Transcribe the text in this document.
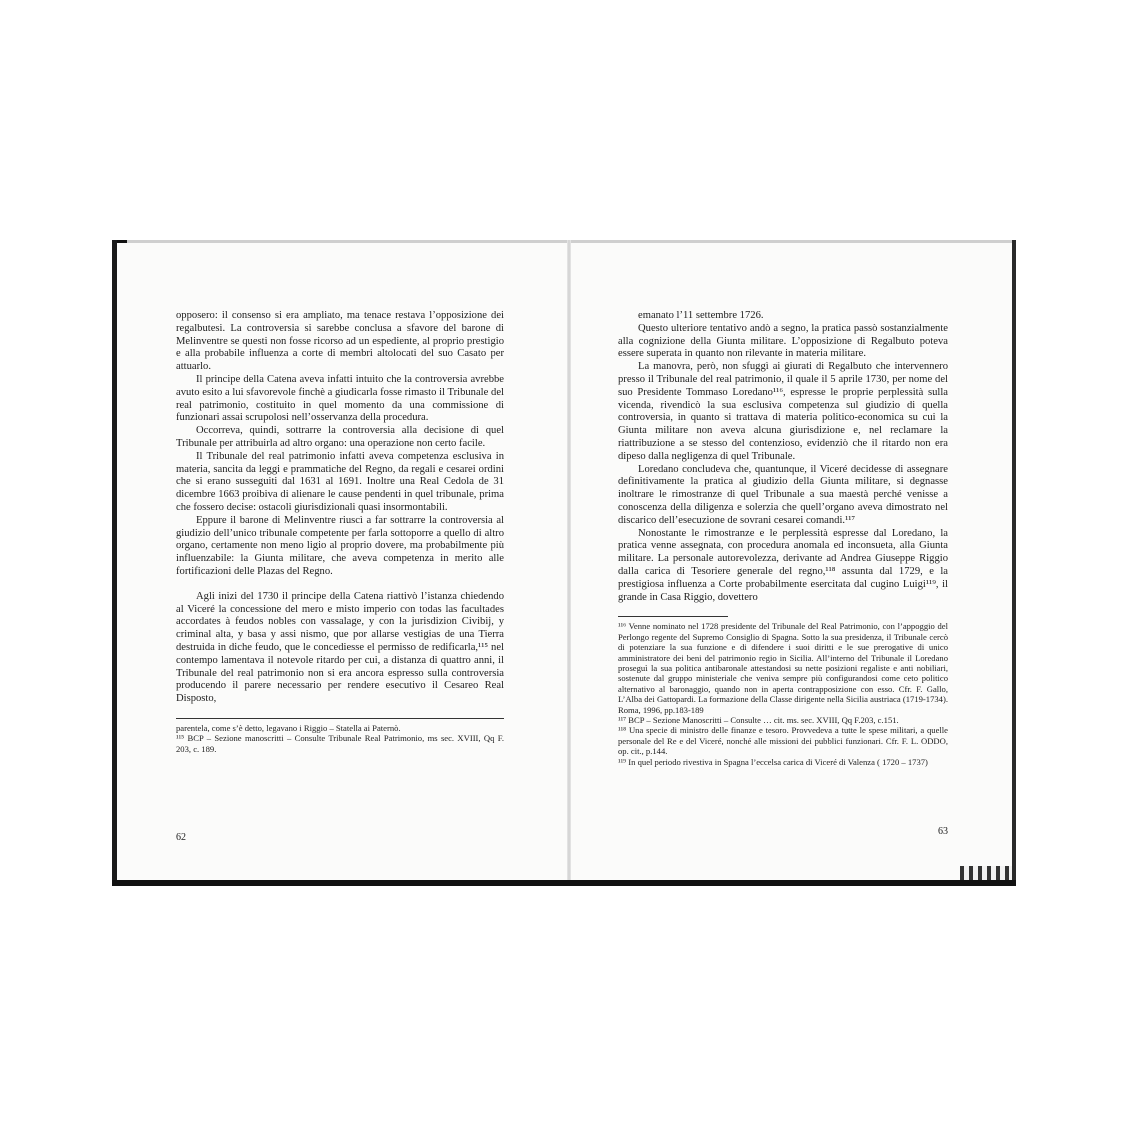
opposero: il consenso si era ampliato, ma tenace restava l’opposizione dei regalbutesi. La controversia si sarebbe conclusa a sfavore del barone di Melinventre se questi non fosse ricorso ad un espediente, al proprio prestigio e alla probabile influenza a corte di membri altolocati del suo Casato per attuarlo.

Il principe della Catena aveva infatti intuito che la controversia avrebbe avuto esito a lui sfavorevole finchè a giudicarla fosse rimasto il Tribunale del real patrimonio, costituito in quel momento da una commissione di funzionari assai scrupolosi nell’osservanza della procedura.

Occorreva, quindi, sottrarre la controversia alla decisione di quel Tribunale per attribuirla ad altro organo: una operazione non certo facile.

Il Tribunale del real patrimonio infatti aveva competenza esclusiva in materia, sancita da leggi e prammatiche del Regno, da regali e cesarei ordini che si erano susseguiti dal 1631 al 1691. Inoltre una Real Cedola de 31 dicembre 1663 proibiva di alienare le cause pendenti in quel tribunale, prima che fossero decise: ostacoli giurisdizionali quasi insormontabili.

Eppure il barone di Melinventre riuscì a far sottrarre la controversia al giudizio dell’unico tribunale competente per farla sottoporre a quello di altro organo, certamente non meno ligio al proprio dovere, ma probabilmente più influenzabile: la Giunta militare, che aveva competenza in merito alle fortificazioni delle Plazas del Regno.

Agli inizi del 1730 il principe della Catena riattivò l’istanza chiedendo al Viceré la concessione del mero e misto imperio con todas las facultades accordates à feudos nobles con vassalage, y con la jurisdizion Civibij, y criminal alta, y basa y assi nismo, que por allarse vestigias de una Tierra destruida in diche feudo, que le concediesse el permisso de redificarla,¹¹⁵ nel contempo lamentava il notevole ritardo per cui, a distanza di quattro anni, il Tribunale del real patrimonio non si era ancora espresso sulla controversia producendo il parere necessario per rendere esecutivo il Cesareo Real Disposto,

parentela, come s’è detto, legavano i Riggio – Statella ai Paternò.

¹¹⁵ BCP – Sezione manoscritti – Consulte Tribunale Real Patrimonio, ms sec. XVIII, Qq F. 203, c. 189.

62

emanato l’11 settembre 1726.

Questo ulteriore tentativo andò a segno, la pratica passò sostanzialmente alla cognizione della Giunta militare. L’opposizione di Regalbuto poteva essere superata in quanto non rilevante in materia militare.

La manovra, però, non sfuggì ai giurati di Regalbuto che intervennero presso il Tribunale del real patrimonio, il quale il 5 aprile 1730, per nome del suo Presidente Tommaso Loredano¹¹⁶, espresse le proprie perplessità sulla vicenda, rivendicò la sua esclusiva competenza sul giudizio di quella controversia, in quanto si trattava di materia politico-economica su cui la Giunta militare non aveva alcuna giurisdizione e, nel reclamare la riattribuzione a se stesso del contenzioso, evidenziò che il ritardo non era dipeso dalla negligenza di quel Tribunale.

Loredano concludeva che, quantunque, il Viceré decidesse di assegnare definitivamente la pratica al giudizio della Giunta militare, si degnasse inoltrare le rimostranze di quel Tribunale a sua maestà perché venisse a conoscenza della diligenza e solerzia che quell’organo aveva dimostrato nel discarico dell’esecuzione de sovrani cesarei comandi.¹¹⁷

Nonostante le rimostranze e le perplessità espresse dal Loredano, la pratica venne assegnata, con procedura anomala ed inconsueta, alla Giunta militare. La personale autorevolezza, derivante ad Andrea Giuseppe Riggio dalla carica di Tesoriere generale del regno,¹¹⁸ assunta dal 1729, e la prestigiosa influenza a Corte probabilmente esercitata dal cugino Luigi¹¹⁹, il grande in Casa Riggio, dovettero

¹¹⁶ Venne nominato nel 1728 presidente del Tribunale del Real Patrimonio, con l’appoggio del Perlongo regente del Supremo Consiglio di Spagna. Sotto la sua presidenza, il Tribunale cercò di potenziare la sua funzione e di difendere i suoi diritti e le sue prerogative di unico amministratore dei beni del patrimonio regio in Sicilia. All’interno del Tribunale il Loredano proseguì la sua politica antibaronale attestandosi su nette posizioni regaliste e anti nobiliari, sostenute dal gruppo ministeriale che veniva sempre più configurandosi come ceto politico alternativo al baronaggio, quando non in aperta contrapposizione con esso. Cfr. F. Gallo, L’Alba dei Gattopardi. La formazione della Classe dirigente nella Sicilia austriaca (1719-1734). Roma, 1996, pp.183-189

¹¹⁷ BCP – Sezione Manoscritti – Consulte … cit. ms. sec. XVIII, Qq F.203, c.151.

¹¹⁸ Una specie di ministro delle finanze e tesoro. Provvedeva a tutte le spese militari, a quelle personale del Re e del Viceré, nonché alle missioni dei pubblici funzionari. Cfr. F. L. ODDO, op. cit., p.144.

¹¹⁹ In quel periodo rivestiva in Spagna l’eccelsa carica di Viceré di Valenza ( 1720 – 1737)

63
